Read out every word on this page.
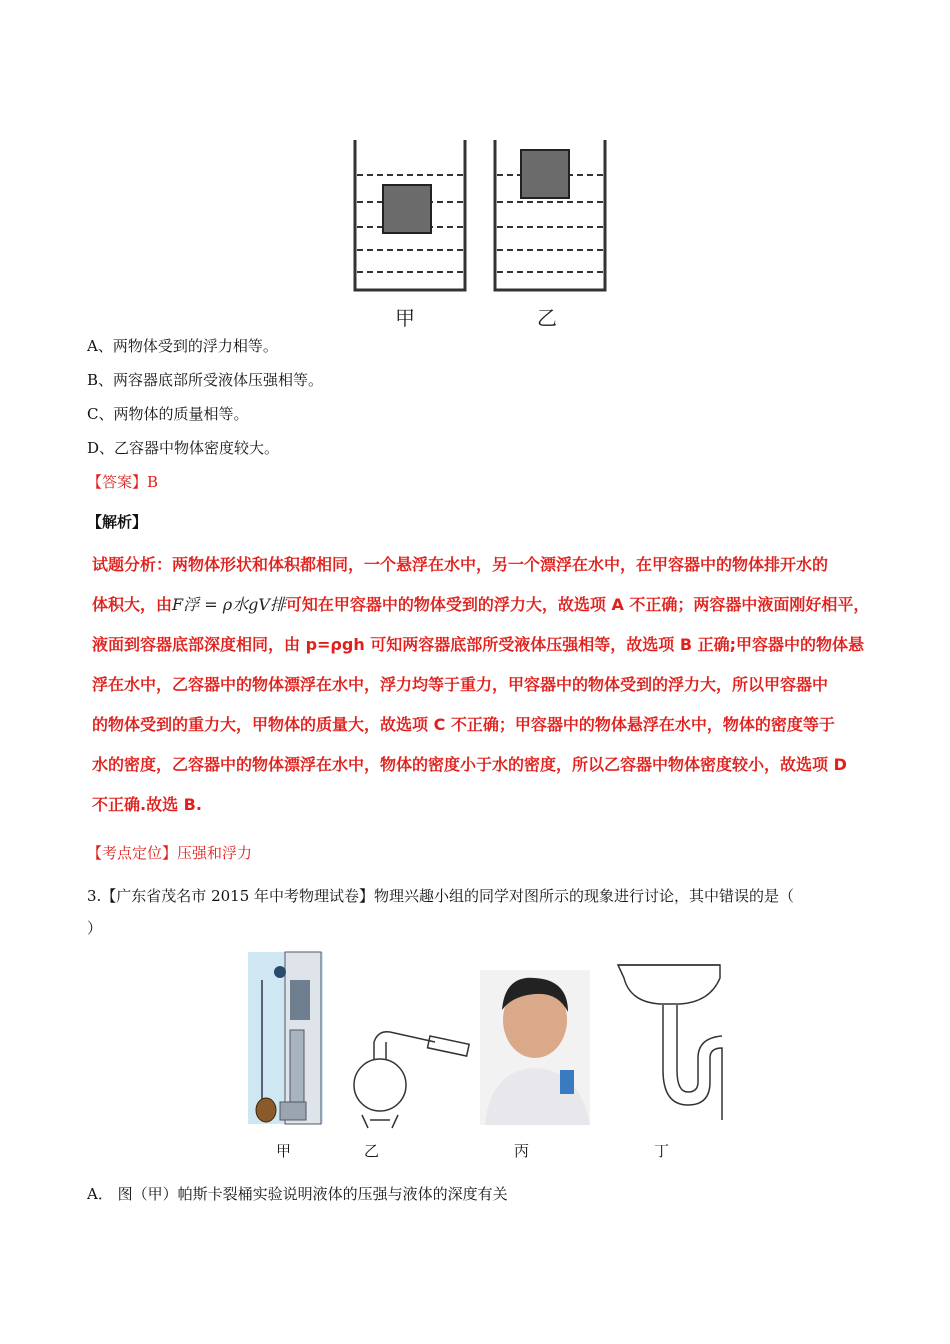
甲	乙
A、两物体受到的浮力相等。
B、两容器底部所受液体压强相等。
C、两物体的质量相等。
D、乙容器中物体密度较大。
【答案】B
【解析】

试题分析：两物体形状和体积都相同，一个悬浮在水中，另一个漂浮在水中，在甲容器中的物体排开水的

体积大，由F浮 = ρ水gV排可知在甲容器中的物体受到的浮力大，故选项 A 不正确；两容器中液面刚好相平，

液面到容器底部深度相同，由 p=ρgh 可知两容器底部所受液体压强相等，故选项 B 正确;甲容器中的物体悬

浮在水中，乙容器中的物体漂浮在水中，浮力均等于重力，甲容器中的物体受到的浮力大，所以甲容器中

的物体受到的重力大，甲物体的质量大，故选项 C 不正确；甲容器中的物体悬浮在水中，物体的密度等于

水的密度，乙容器中的物体漂浮在水中，物体的密度小于水的密度，所以乙容器中物体密度较小，故选项 D

不正确.故选 B.

【考点定位】压强和浮力
3.【广东省茂名市 2015 年中考物理试卷】物理兴趣小组的同学对图所示的现象进行讨论，其中错误的是（
）
甲	乙	丙	丁
A． 图（甲）帕斯卡裂桶实验说明液体的压强与液体的深度有关
